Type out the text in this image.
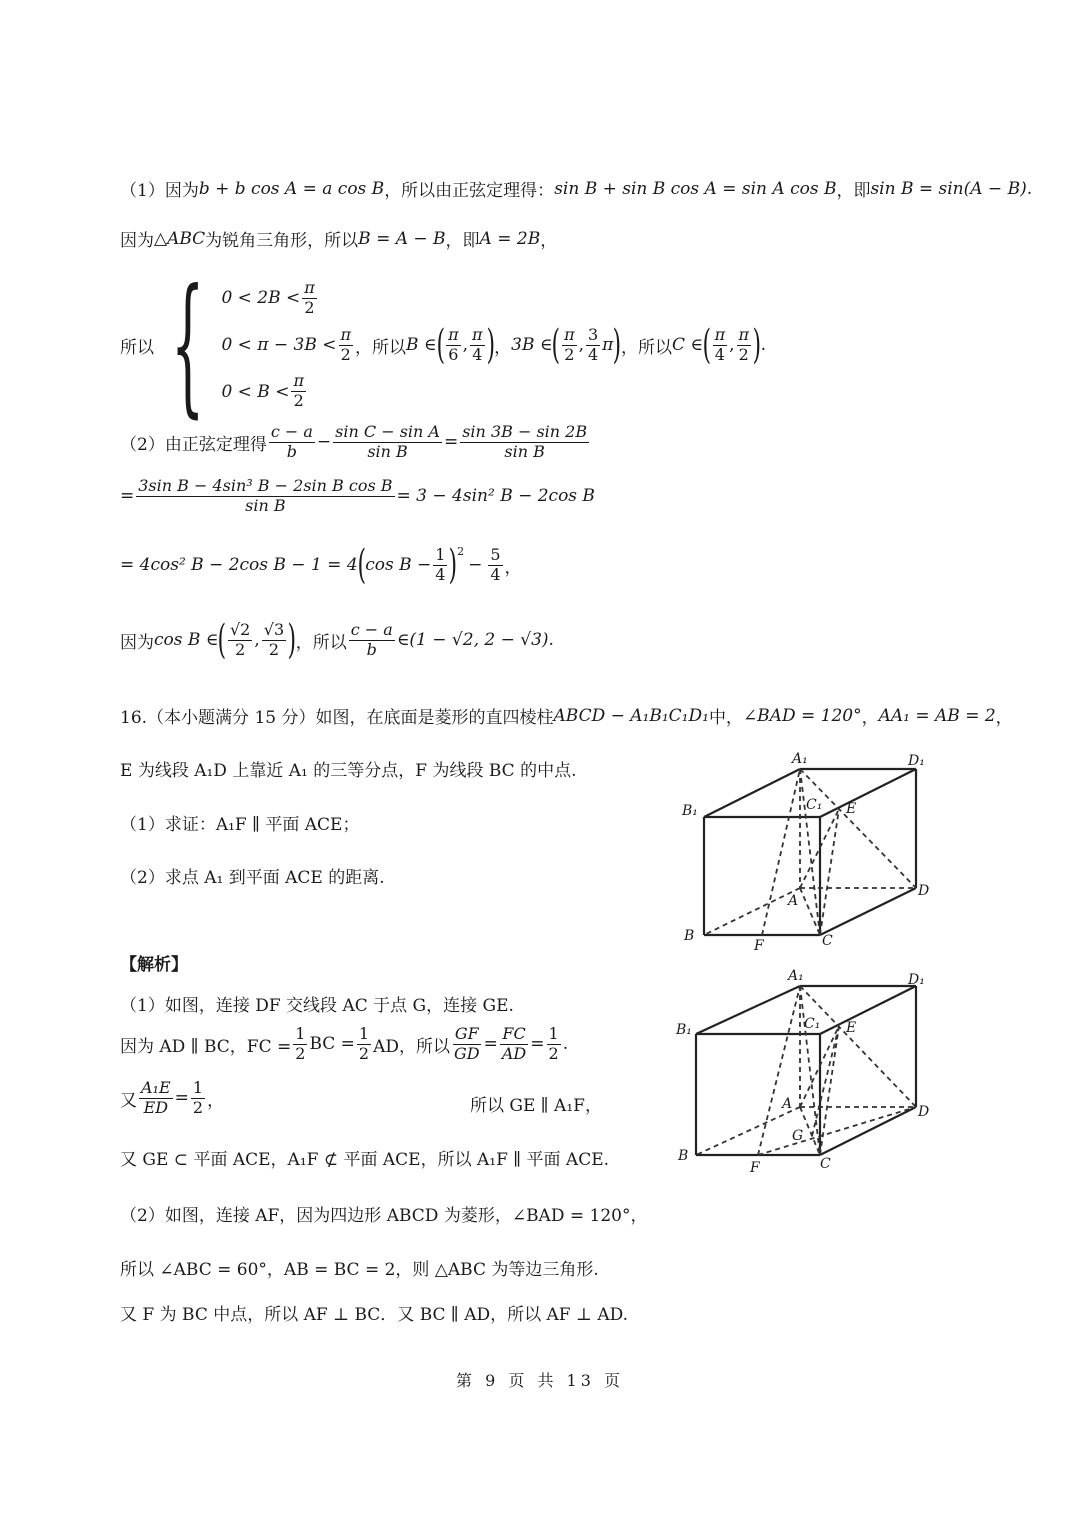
（1）因为 b + b cos A = a cos B ，所以由正弦定理得： sin B + sin B cos A = sin A cos B ，即 sin B = sin(A − B).
因为 △ABC 为锐角三角形，所以 B = A − B ，即 A = 2B ，
所以 { $0 < 2B < \frac{\pi}{2}$
$0 < \pi - 3B < \frac{\pi}{2}$ ，所以 B ∈ ( $\frac{\pi}{6}$ , $\frac{\pi}{4}$ ) ， 3B ∈ ( $\frac{\pi}{2}$ , $\frac{3}{4}$ π ) ，所以 C ∈ ( $\frac{\pi}{4}$ , $\frac{\pi}{2}$ ) .
$0 < B < \frac{\pi}{2}$
（2）由正弦定理得 $\frac{c - a}{b} - \frac{\text{sin C − sin A}}{\text{sin B}} = \frac{\sin 3B - \sin 2B}{\text{sin B}}$
= $\frac{\text{3sin B − 4sin³ B − 2sin B cos B}}{\text{sin B}} = 3 - 4\sin^2$ B − 2cos B
= 4cos² B − 2cos B − 1 = 4 ( $\cos B - \frac{1}{4} )^2$
− $\frac{5}{4}$ ，
因为 cos B ∈ ( $\frac{√2}{2}$ , $\frac{√3}{2}$ ) ，所以 $\frac{c - a}{b}$ ∈ (1 − √2, 2 − √3).
16.（本小题满分 15 分）如图，在底面是菱形的直四棱柱 ABCD − A₁B₁C₁D₁ 中， ∠BAD = 120° ， AA₁ = AB = 2 ，
E 为线段 A₁D 上靠近 A₁ 的三等分点，F 为线段 BC 的中点.
（1）求证：A₁F ∥ 平面 ACE；
（2）求点 A₁ 到平面 ACE 的距离.
【解析】
（1）如图，连接 DF 交线段 AC 于点 G，连接 GE.
因为 AD ∥ BC，FC = $\frac{1}{2}$ BC = $\frac{1}{2}$ AD，所以 $\frac{GF}{GD} = \frac{FC}{AD} = \frac{1}{2}$ .
又 $\frac{\text{A₁E}}{ED} = \frac{1}{2}$ ，	所以 GE ∥ A₁F，
又 GE ⊂ 平面 ACE，A₁F ⊄ 平面 ACE，所以 A₁F ∥ 平面 ACE.
（2）如图，连接 AF，因为四边形 ABCD 为菱形，∠BAD = 120°，
所以 ∠ABC = 60°，AB = BC = 2，则 △ABC 为等边三角形.
又 F 为 BC 中点，所以 AF ⊥ BC．又 BC ∥ AD，所以 AF ⊥ AD.
A₁	D₁
B₁	C₁ E
A
D
B
F	C
A₁	D₁
B₁	C₁ E
A	D
G
B
F	C
第 9 页 共 13 页
